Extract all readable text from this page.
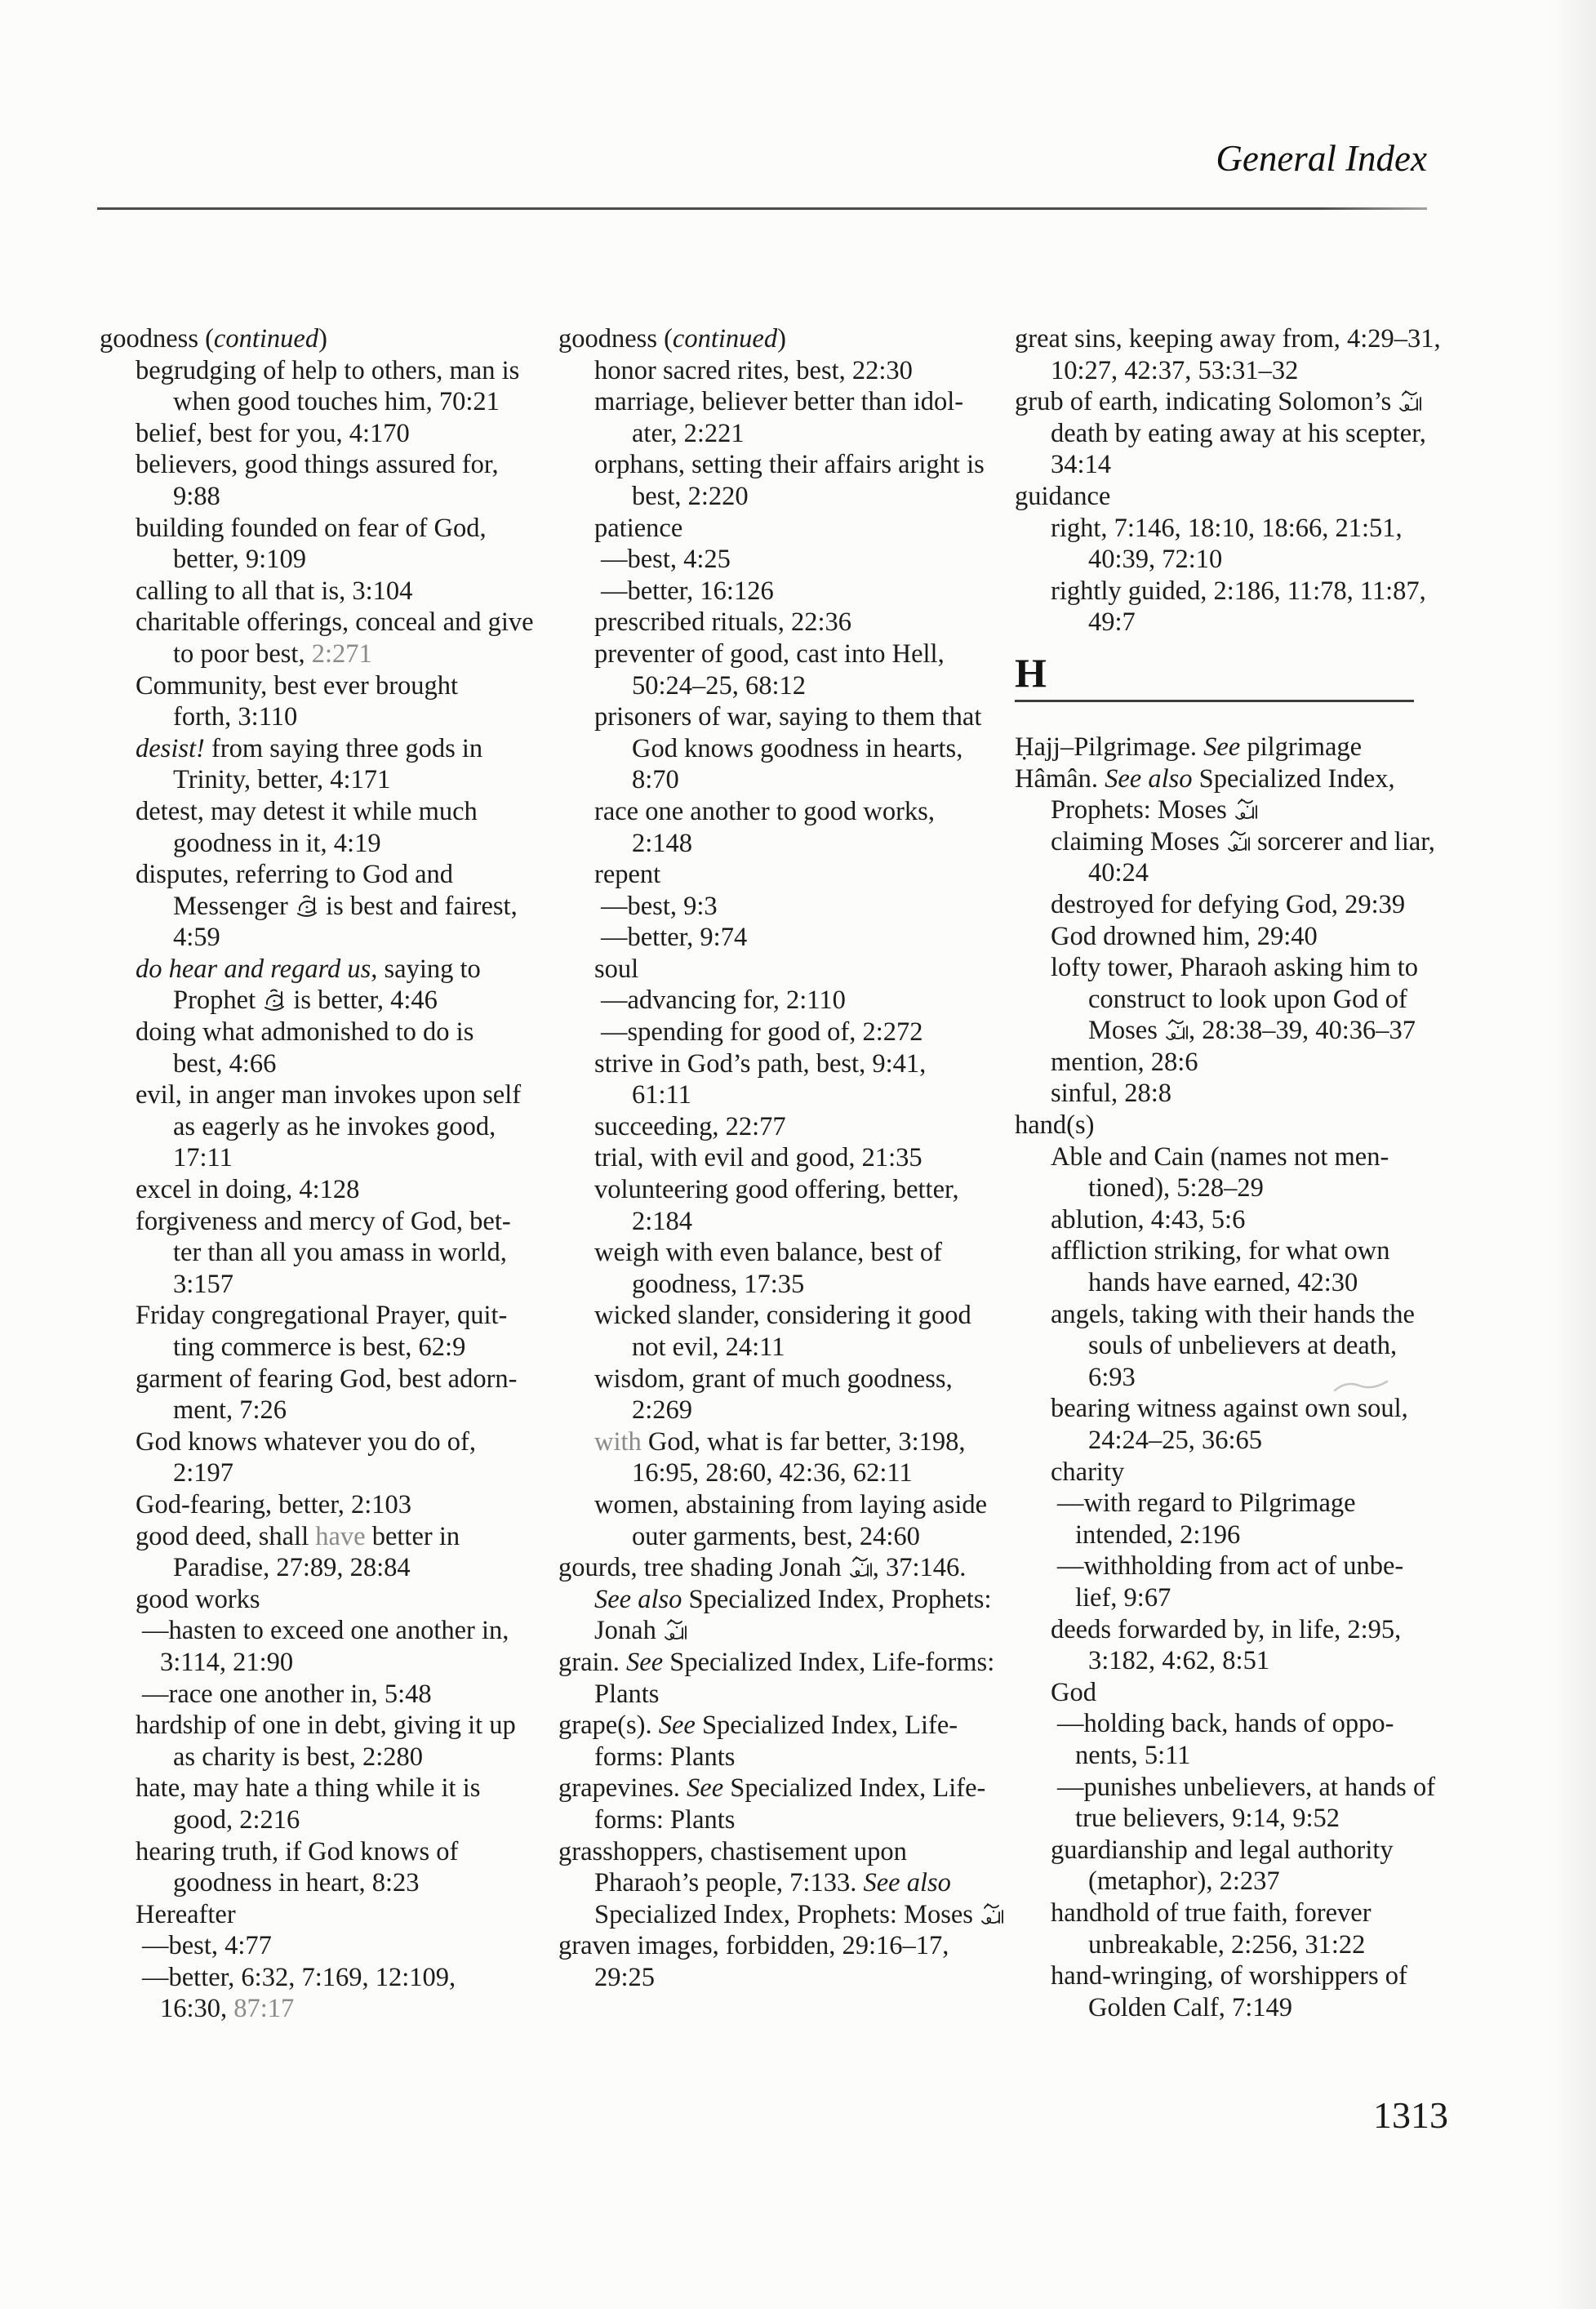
General Index
goodness (continued)
begrudging of help to others, man is
when good touches him, 70:21
belief, best for you, 4:170
believers, good things assured for,
9:88
building founded on fear of God,
better, 9:109
calling to all that is, 3:104
charitable offerings, conceal and give
to poor best, 2:271
Community, best ever brought
forth, 3:110
desist! from saying three gods in
Trinity, better, 4:171
detest, may detest it while much
goodness in it, 4:19
disputes, referring to God and
Messenger  is best and fairest,
4:59
do hear and regard us, saying to
Prophet  is better, 4:46
doing what admonished to do is
best, 4:66
evil, in anger man invokes upon self
as eagerly as he invokes good,
17:11
excel in doing, 4:128
forgiveness and mercy of God, bet-
ter than all you amass in world,
3:157
Friday congregational Prayer, quit-
ting commerce is best, 62:9
garment of fearing God, best adorn-
ment, 7:26
God knows whatever you do of,
2:197
God-fearing, better, 2:103
good deed, shall have better in
Paradise, 27:89, 28:84
good works
—hasten to exceed one another in,
3:114, 21:90
—race one another in, 5:48
hardship of one in debt, giving it up
as charity is best, 2:280
hate, may hate a thing while it is
good, 2:216
hearing truth, if God knows of
goodness in heart, 8:23
Hereafter
—best, 4:77
—better, 6:32, 7:169, 12:109,
16:30, 87:17
goodness (continued)
honor sacred rites, best, 22:30
marriage, believer better than idol-
ater, 2:221
orphans, setting their affairs aright is
best, 2:220
patience
—best, 4:25
—better, 16:126
prescribed rituals, 22:36
preventer of good, cast into Hell,
50:24–25, 68:12
prisoners of war, saying to them that
God knows goodness in hearts,
8:70
race one another to good works,
2:148
repent
—best, 9:3
—better, 9:74
soul
—advancing for, 2:110
—spending for good of, 2:272
strive in God’s path, best, 9:41,
61:11
succeeding, 22:77
trial, with evil and good, 21:35
volunteering good offering, better,
2:184
weigh with even balance, best of
goodness, 17:35
wicked slander, considering it good
not evil, 24:11
wisdom, grant of much goodness,
2:269
with God, what is far better, 3:198,
16:95, 28:60, 42:36, 62:11
women, abstaining from laying aside
outer garments, best, 24:60
gourds, tree shading Jonah , 37:146.
See also Specialized Index, Prophets:
Jonah
grain. See Specialized Index, Life-forms:
Plants
grape(s). See Specialized Index, Life-
forms: Plants
grapevines. See Specialized Index, Life-
forms: Plants
grasshoppers, chastisement upon
Pharaoh’s people, 7:133. See also
Specialized Index, Prophets: Moses
graven images, forbidden, 29:16–17,
29:25
great sins, keeping away from, 4:29–31,
10:27, 42:37, 53:31–32
grub of earth, indicating Solomon’s
death by eating away at his scepter,
34:14
guidance
right, 7:146, 18:10, 18:66, 21:51,
40:39, 72:10
rightly guided, 2:186, 11:78, 11:87,
49:7
H
Ḥajj–Pilgrimage. See pilgrimage
Hâmân. See also Specialized Index,
Prophets: Moses
claiming Moses  sorcerer and liar,
40:24
destroyed for defying God, 29:39
God drowned him, 29:40
lofty tower, Pharaoh asking him to
construct to look upon God of
Moses , 28:38–39, 40:36–37
mention, 28:6
sinful, 28:8
hand(s)
Able and Cain (names not men-
tioned), 5:28–29
ablution, 4:43, 5:6
affliction striking, for what own
hands have earned, 42:30
angels, taking with their hands the
souls of unbelievers at death,
6:93
bearing witness against own soul,
24:24–25, 36:65
charity
—with regard to Pilgrimage
intended, 2:196
—withholding from act of unbe-
lief, 9:67
deeds forwarded by, in life, 2:95,
3:182, 4:62, 8:51
God
—holding back, hands of oppo-
nents, 5:11
—punishes unbelievers, at hands of
true believers, 9:14, 9:52
guardianship and legal authority
(metaphor), 2:237
handhold of true faith, forever
unbreakable, 2:256, 31:22
hand-wringing, of worshippers of
Golden Calf, 7:149
1313
